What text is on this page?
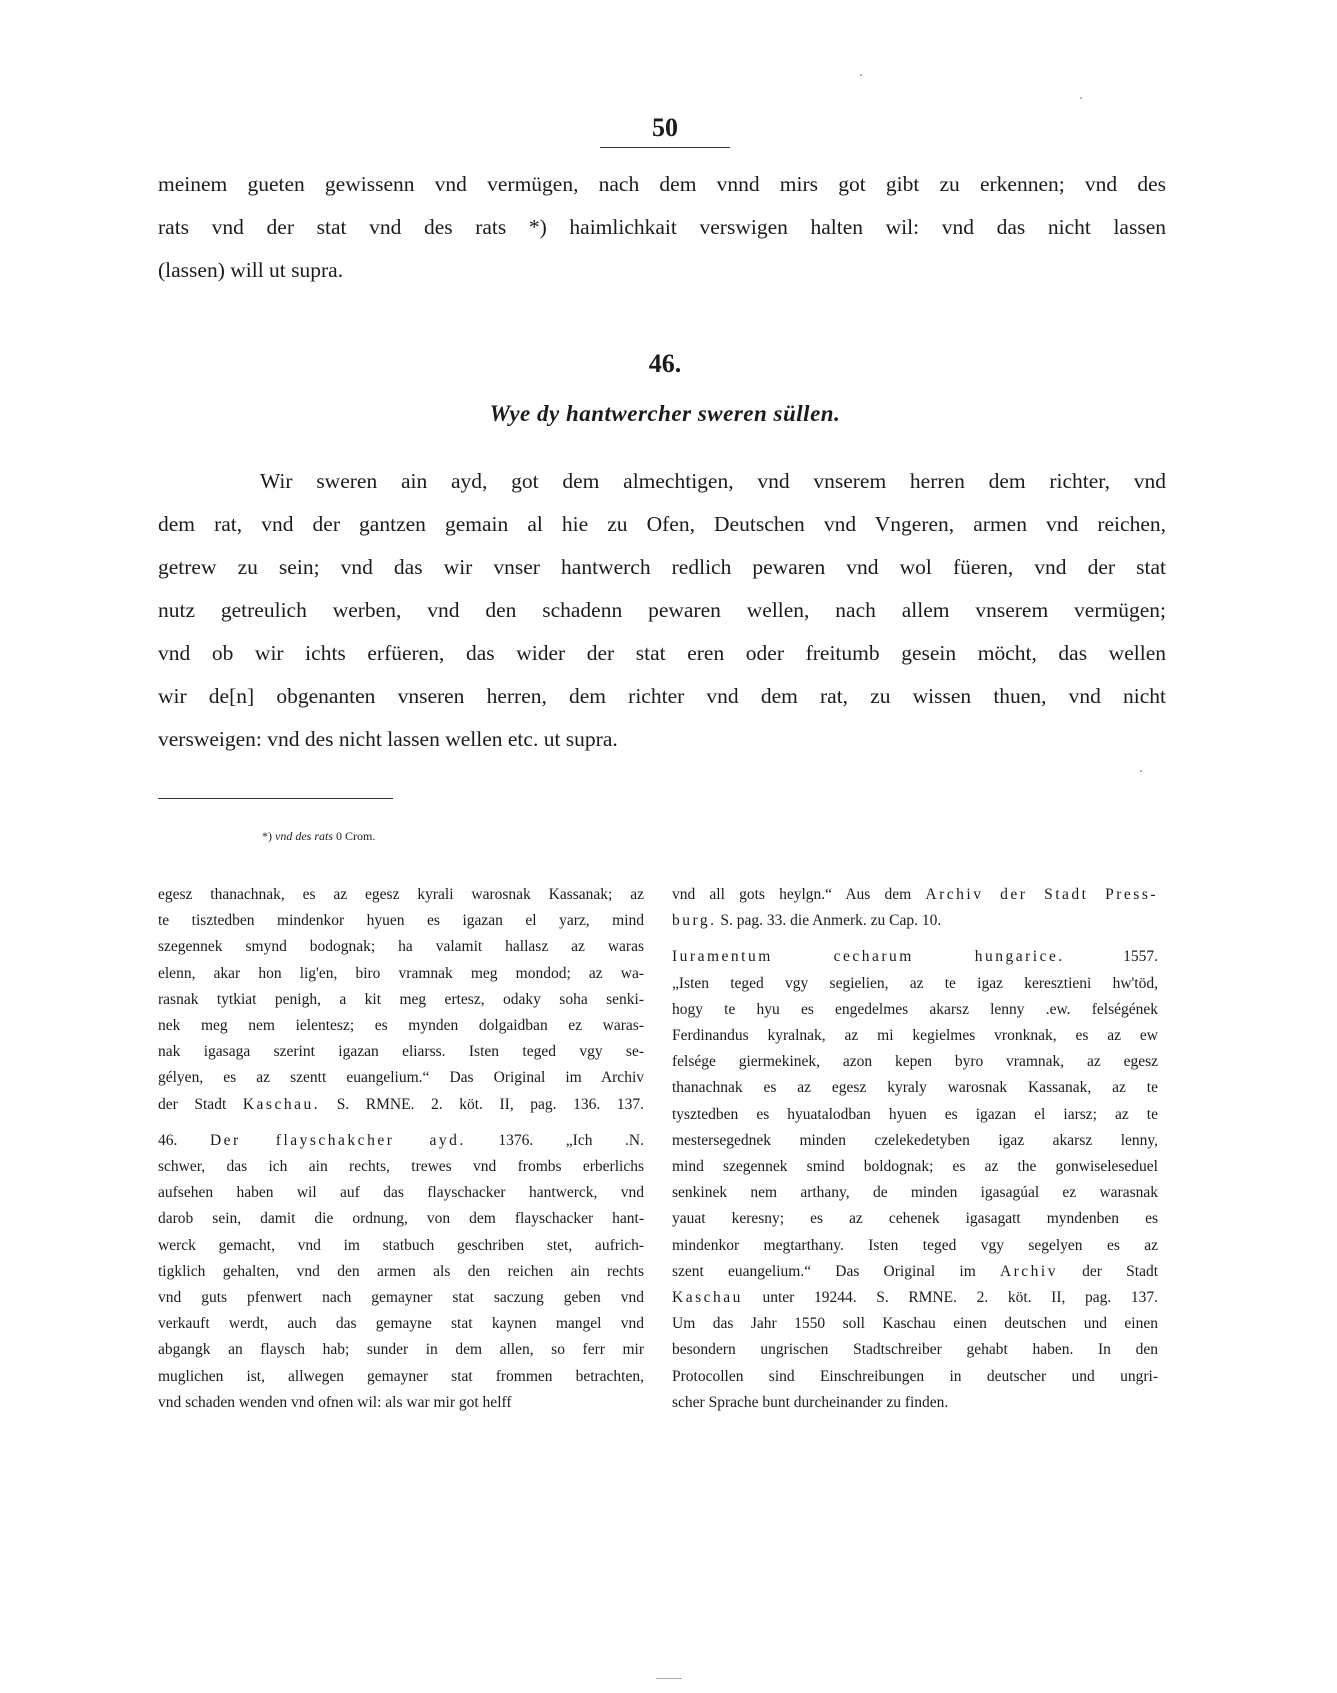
50

meinem gueten gewissenn vnd vermügen, nach dem vnnd mirs got gibt zu erkennen; vnd des

rats vnd der stat vnd des rats *) haimlichkait verswigen halten wil: vnd das nicht lassen

(lassen) will ut supra.

46.
Wye dy hantwercher sweren süllen.

Wir sweren ain ayd, got dem almechtigen, vnd vnserem herren dem richter, vnd

dem rat, vnd der gantzen gemain al hie zu Ofen, Deutschen vnd Vngeren, armen vnd reichen,

getrew zu sein; vnd das wir vnser hantwerch redlich pewaren vnd wol füeren, vnd der stat

nutz getreulich werben, vnd den schadenn pewaren wellen, nach allem vnserem vermügen;

vnd ob wir ichts erfüeren, das wider der stat eren oder freitumb gesein möcht, das wellen

wir de[n] obgenanten vnseren herren, dem richter vnd dem rat, zu wissen thuen, vnd nicht

versweigen: vnd des nicht lassen wellen etc. ut supra.

*) vnd des rats 0 Crom.

egesz thanachnak, es az egesz kyrali warosnak Kassanak; az

te tisztedben mindenkor hyuen es igazan el yarz, mind

szegennek smynd bodognak; ha valamit hallasz az waras

elenn, akar hon lig'en, biro vramnak meg mondod; az wa-

rasnak tytkiat penigh, a kit meg ertesz, odaky soha senki-

nek meg nem ielentesz; es mynden dolgaidban ez waras-

nak igasaga szerint igazan eliarss. Isten teged vgy se-

gélyen, es az szentt euangelium.“ Das Original im Archiv

der Stadt Kaschau. S. RMNE. 2. köt. II, pag. 136. 137.

46. Der flayschakcher ayd. 1376. „Ich .N.

schwer, das ich ain rechts, trewes vnd frombs erberlichs

aufsehen haben wil auf das flayschacker hantwerck, vnd

darob sein, damit die ordnung, von dem flayschacker hant-

werck gemacht, vnd im statbuch geschriben stet, aufrich-

tigklich gehalten, vnd den armen als den reichen ain rechts

vnd guts pfenwert nach gemayner stat saczung geben vnd

verkauft werdt, auch das gemayne stat kaynen mangel vnd

abgangk an flaysch hab; sunder in dem allen, so ferr mir

muglichen ist, allwegen gemayner stat frommen betrachten,

vnd schaden wenden vnd ofnen wil: als war mir got helff

vnd all gots heylgn.“ Aus dem Archiv der Stadt Press-

burg. S. pag. 33. die Anmerk. zu Cap. 10.

Iuramentum cecharum hungarice.	1557.

„Isten teged vgy segielien, az te igaz keresztieni hw'töd,

hogy te hyu es engedelmes akarsz lenny .ew. felségének

Ferdinandus kyralnak, az mi kegielmes vronknak, es az ew

felsége giermekinek, azon kepen byro vramnak, az egesz

thanachnak es az egesz kyraly warosnak Kassanak, az te

tysztedben es hyuatalodban hyuen es igazan el iarsz; az te

mestersegednek minden czelekedetyben igaz akarsz lenny,

mind szegennek smind boldognak; es az the gonwiseleseduel

senkinek nem arthany, de minden igasagúal ez warasnak

yauat keresny; es az cehenek igasagatt myndenben es

mindenkor megtarthany. Isten teged vgy segelyen es az

szent euangelium.“ Das Original im Archiv der Stadt

Kaschau unter 19244. S. RMNE. 2. köt. II, pag. 137.

Um das Jahr 1550 soll Kaschau einen deutschen und einen

besondern ungrischen Stadtschreiber gehabt haben. In den

Protocollen sind Einschreibungen in deutscher und ungri-

scher Sprache bunt durcheinander zu finden.
